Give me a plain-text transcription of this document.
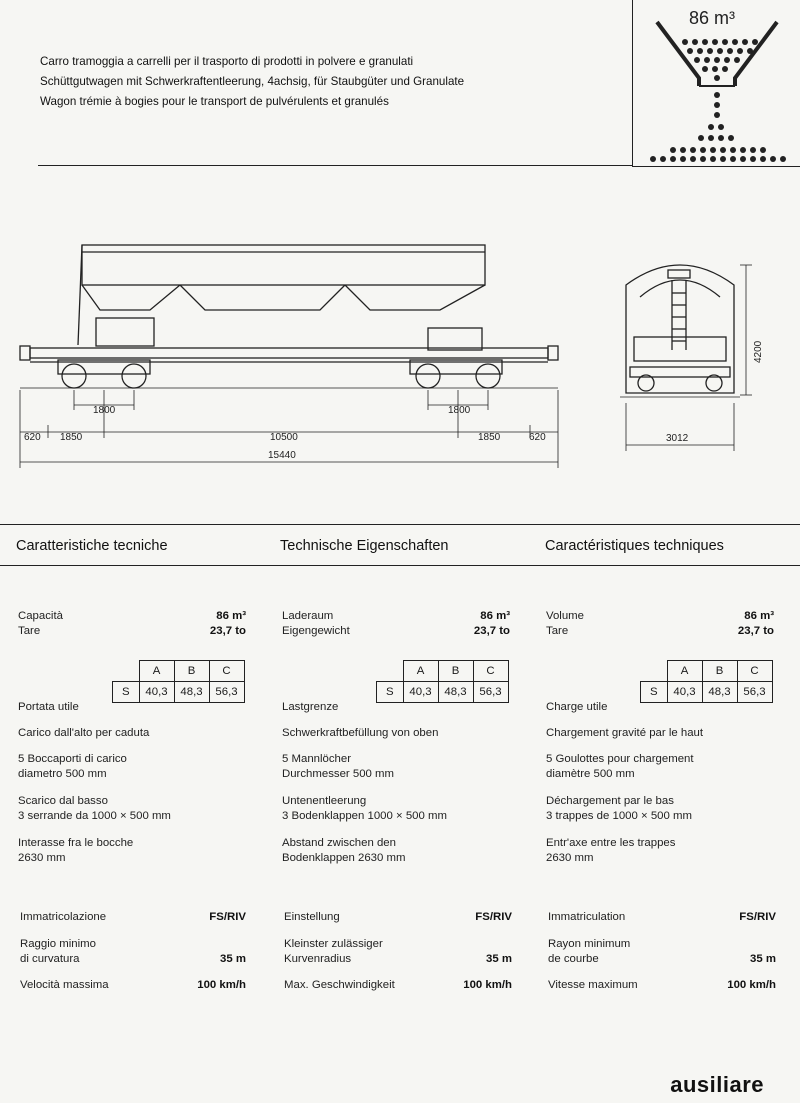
Carro tramoggia a carrelli per il trasporto di prodotti in polvere e granulati
Schüttgutwagen mit Schwerkraftentleerung, 4achsig, für Staubgüter und Granulate
Wagon trémie à bogies pour le transport de pulvérulents et granulés
86 m³
1800	1800
620 1850	10500	1850	620
15440
4200
3012
Caratteristiche tecniche
Capacità	86 m³
Tare	23,7 to
	A	B	C
S	40,3	48,3	56,3
Portata utile
Carico dall'alto per caduta
5 Boccaporti di carico
diametro 500 mm
Scarico dal basso
3 serrande da 1000 × 500 mm
Interasse fra le bocche
2630 mm
Immatricolazione	FS/RIV
Raggio minimo
di curvatura	35 m
Velocità massima	100 km/h
Technische Eigenschaften
Laderaum	86 m³
Eigengewicht	23,7 to
	A	B	C
S	40,3	48,3	56,3
Lastgrenze
Schwerkraftbefüllung von oben
5 Mannlöcher
Durchmesser 500 mm
Untenentleerung
3 Bodenklappen 1000 × 500 mm
Abstand zwischen den
Bodenklappen 2630 mm
Einstellung	FS/RIV
Kleinster zulässiger
Kurvenradius	35 m
Max. Geschwindigkeit	100 km/h
Caractéristiques techniques
Volume	86 m³
Tare	23,7 to
	A	B	C
S	40,3	48,3	56,3
Charge utile
Chargement gravité par le haut
5 Goulottes pour chargement
diamètre 500 mm
Déchargement par le bas
3 trappes de 1000 × 500 mm
Entr'axe entre les trappes
2630 mm
Immatriculation	FS/RIV
Rayon minimum
de courbe	35 m
Vitesse maximum	100 km/h
ausiliare
